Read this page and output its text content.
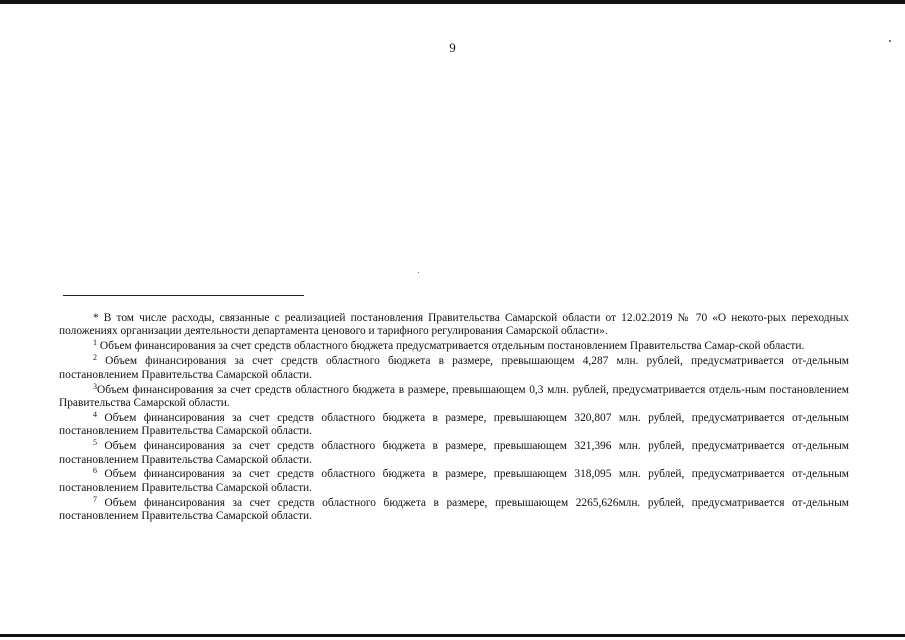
9

* В том числе расходы, связанные с реализацией постановления Правительства Самарской области от 12.02.2019 № 70 «О некото-рых переходных положениях организации деятельности департамента ценового и тарифного регулирования Самарской области».

$^1$ Объем финансирования за счет средств областного бюджета предусматривается отдельным постановлением Правительства Самар-ской области.

$^2$ Объем финансирования за счет средств областного бюджета в размере, превышающем 4,287 млн. рублей, предусматривается от-дельным постановлением Правительства Самарской области.

$^3$Объем финансирования за счет средств областного бюджета в размере, превышающем 0,3 млн. рублей, предусматривается отдель-ным постановлением Правительства Самарской области.

$^4$ Объем финансирования за счет средств областного бюджета в размере, превышающем 320,807 млн. рублей, предусматривается от-дельным постановлением Правительства Самарской области.

$^5$ Объем финансирования за счет средств областного бюджета в размере, превышающем 321,396 млн. рублей, предусматривается от-дельным постановлением Правительства Самарской области.

$^6$ Объем финансирования за счет средств областного бюджета в размере, превышающем 318,095 млн. рублей, предусматривается от-дельным постановлением Правительства Самарской области.

$^7$ Объем финансирования за счет средств областного бюджета в размере, превышающем 2265,626млн. рублей, предусматривается от-дельным постановлением Правительства Самарской области.
